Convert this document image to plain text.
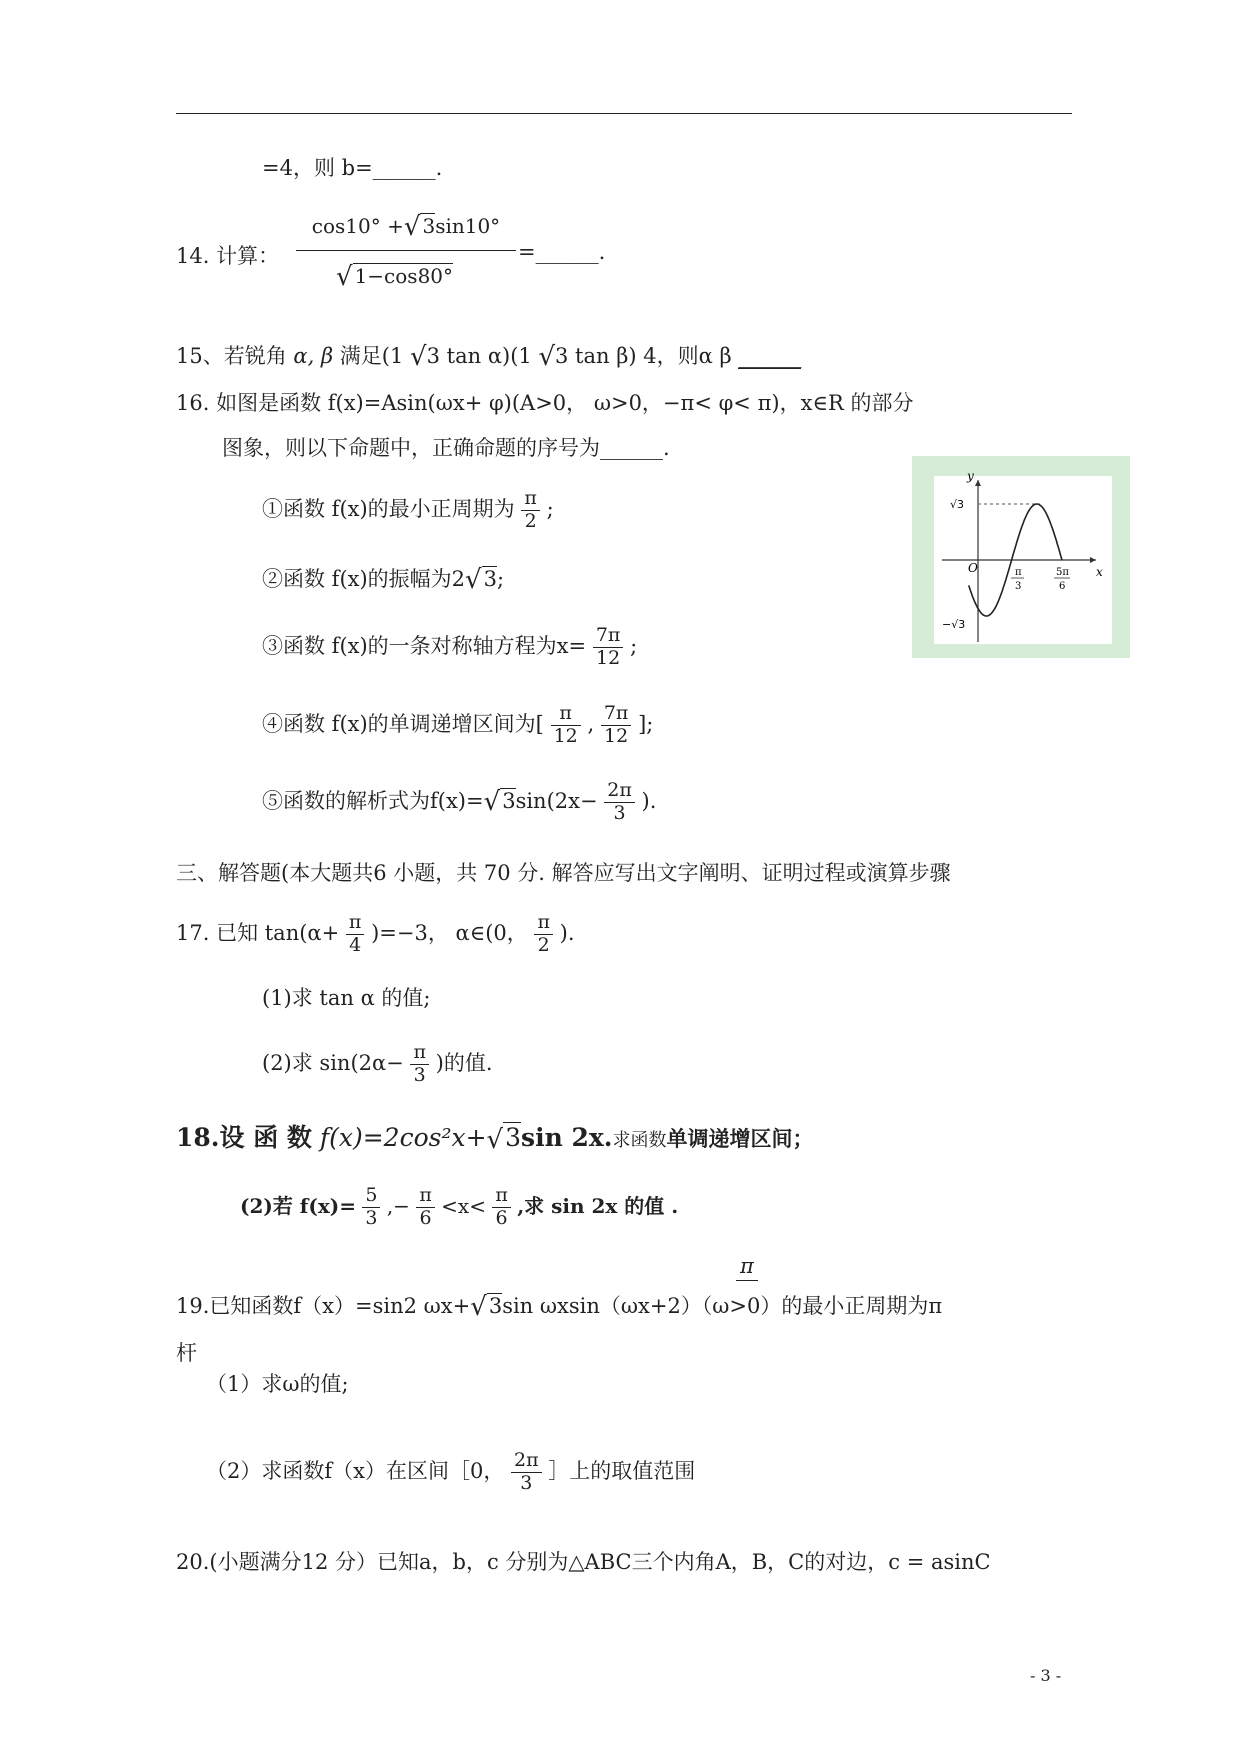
=4，则 b=______.
14. 计算：
cos10° +√ 3sin10°
√ 1−cos80°
=______.
15、若锐角 α, β 满足(1 √3 tan α)(1 √3 tan β) 4，则α β ______
16. 如图是函数 f(x)=Asin(ωx+ φ)(A>0， ω>0，−π< φ< π)，x∈R 的部分
图象，则以下命题中，正确命题的序号为______.
①函数 f(x)的最小正周期为 $\frac{\pi}{2}$ ;
②函数 f(x)的振幅为2√3;
③函数 f(x)的一条对称轴方程为$x= \frac{7\pi}{12}$ ;
④函数 f(x)的单调递增区间为[ $\frac{\pi}{12}$ , $\frac{7\pi}{12}$ ];
⑤函数的解析式为$f(x)=√3\sin(2x- \frac{2\pi}{3}$ ).
y
x
O
√3
−√3
π
3
5π
6
三、解答题(本大题共6 小题，共 70 分. 解答应写出文字阐明、证明过程或演算步骤
17. 已知 $\tan(\alpha+ \frac{\pi}{4} )=-3$， α∈(0， $\frac{\pi}{2}$ ).
(1)求 tan α 的值;
(2)求 $\sin(2\alpha- \frac{\pi}{3}$ )的值.
18.设 函 数 f(x)=2cos²x+√3sin 2x.求函数单调递增区间；
(2)若 $f(x)= \frac{5}{3}$ ,− $\frac{\pi}{6} <x< \frac{\pi}{6}$ ,求 sin 2x 的值 .
π
19.已知函数f（x）=sin2 ωx+√3sin ωxsin（ωx+2）（ω>0）的最小正周期为π
杆
（1）求ω的值;
（2）求函数f（x）在区间［0， $\frac{2\pi}{3}$ ］上的取值范围
20.(小题满分12 分）已知a，b，c 分别为△ABC三个内角A，B，C的对边，c = asinC
- 3 -
